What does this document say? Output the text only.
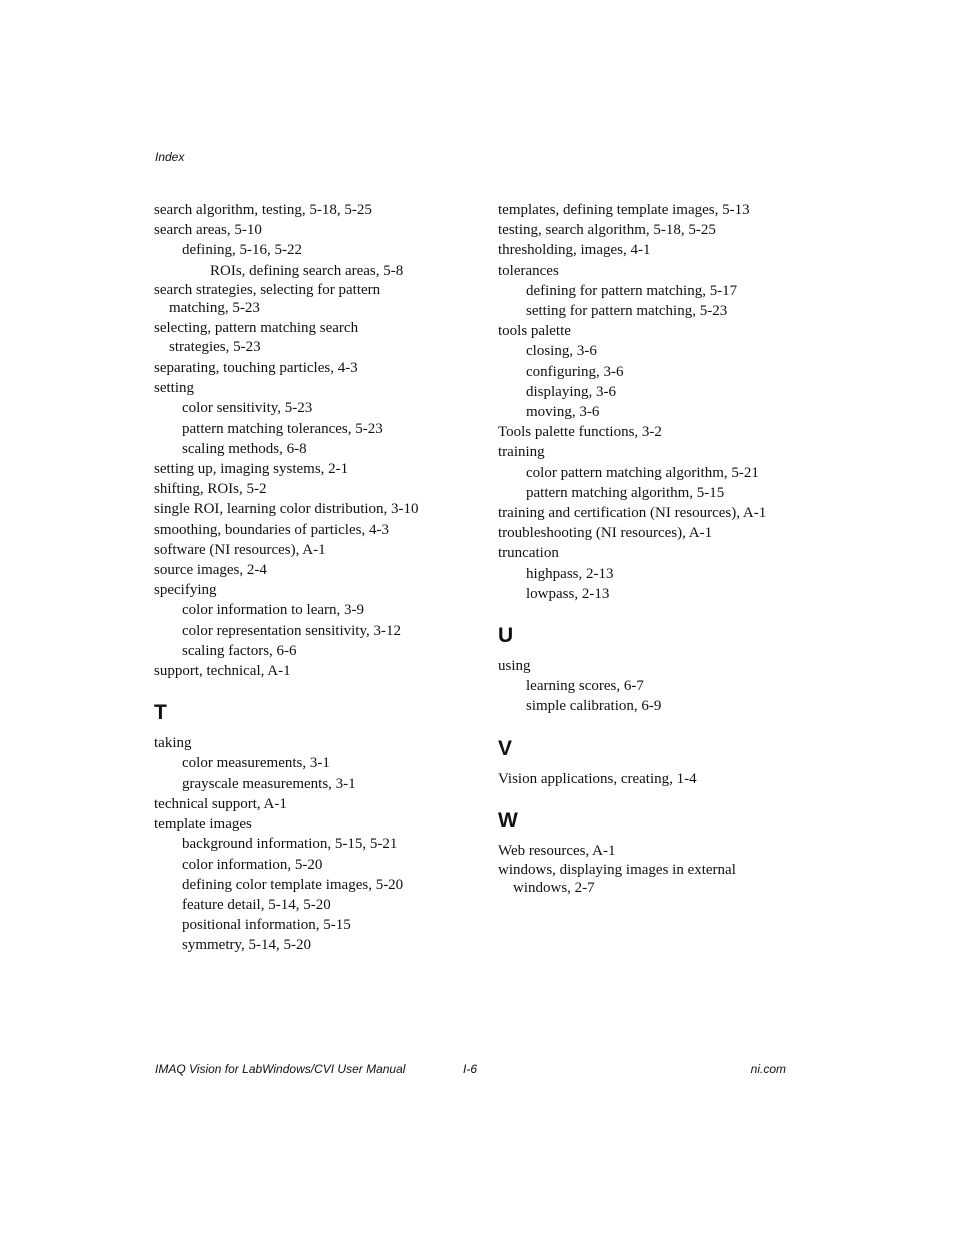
Index
search algorithm, testing, 5-18, 5-25
search areas, 5-10
defining, 5-16, 5-22
ROIs, defining search areas, 5-8
search strategies, selecting for pattern
matching, 5-23
selecting, pattern matching search
strategies, 5-23
separating, touching particles, 4-3
setting
color sensitivity, 5-23
pattern matching tolerances, 5-23
scaling methods, 6-8
setting up, imaging systems, 2-1
shifting, ROIs, 5-2
single ROI, learning color distribution, 3-10
smoothing, boundaries of particles, 4-3
software (NI resources), A-1
source images, 2-4
specifying
color information to learn, 3-9
color representation sensitivity, 3-12
scaling factors, 6-6
support, technical, A-1
T
taking
color measurements, 3-1
grayscale measurements, 3-1
technical support, A-1
template images
background information, 5-15, 5-21
color information, 5-20
defining color template images, 5-20
feature detail, 5-14, 5-20
positional information, 5-15
symmetry, 5-14, 5-20
templates, defining template images, 5-13
testing, search algorithm, 5-18, 5-25
thresholding, images, 4-1
tolerances
defining for pattern matching, 5-17
setting for pattern matching, 5-23
tools palette
closing, 3-6
configuring, 3-6
displaying, 3-6
moving, 3-6
Tools palette functions, 3-2
training
color pattern matching algorithm, 5-21
pattern matching algorithm, 5-15
training and certification (NI resources), A-1
troubleshooting (NI resources), A-1
truncation
highpass, 2-13
lowpass, 2-13
U
using
learning scores, 6-7
simple calibration, 6-9
V
Vision applications, creating, 1-4
W
Web resources, A-1
windows, displaying images in external
windows, 2-7
IMAQ Vision for LabWindows/CVI User Manual	I-6	ni.com
